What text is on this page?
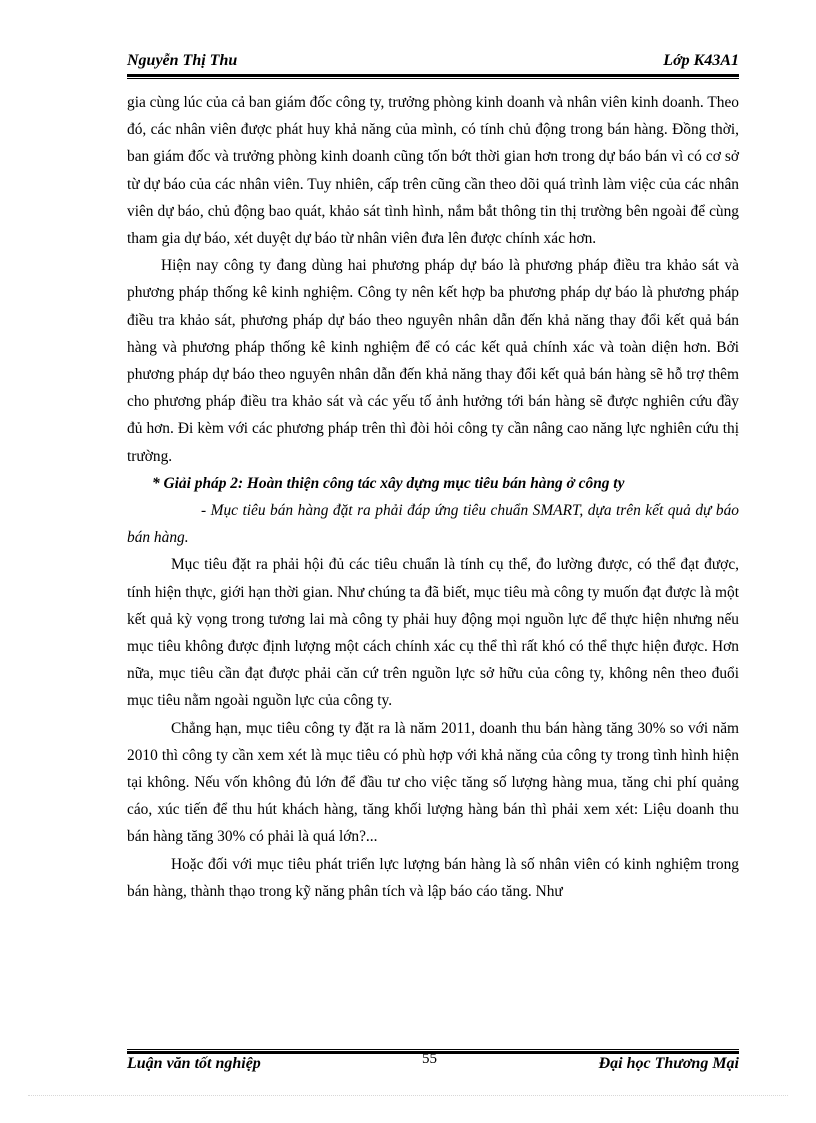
Nguyễn Thị Thu	Lớp K43A1

gia cùng lúc của cả ban giám đốc công ty, trưởng phòng kinh doanh và nhân viên kinh doanh. Theo đó, các nhân viên được phát huy khả năng của mình, có tính chủ động trong bán hàng. Đồng thời, ban giám đốc và trưởng phòng kinh doanh cũng tốn bớt thời gian hơn trong dự báo bán vì có cơ sở từ dự báo của các nhân viên. Tuy nhiên, cấp trên cũng cần theo dõi quá trình làm việc của các nhân viên dự báo, chủ động bao quát, khảo sát tình hình, nắm bắt thông tin thị trường bên ngoài để cùng tham gia dự báo, xét duyệt dự báo từ nhân viên đưa lên được chính xác hơn.

Hiện nay công ty đang dùng hai phương pháp dự báo là phương pháp điều tra khảo sát và phương pháp thống kê kinh nghiệm. Công ty nên kết hợp ba phương pháp dự báo là phương pháp điều tra khảo sát, phương pháp dự báo theo nguyên nhân dẫn đến khả năng thay đổi kết quả bán hàng và phương pháp thống kê kinh nghiệm để có các kết quả chính xác và toàn diện hơn. Bởi phương pháp dự báo theo nguyên nhân dẫn đến khả năng thay đổi kết quả bán hàng sẽ hỗ trợ thêm cho phương pháp điều tra khảo sát và các yếu tố ảnh hưởng tới bán hàng sẽ được nghiên cứu đầy đủ hơn. Đi kèm với các phương pháp trên thì đòi hỏi công ty cần nâng cao năng lực nghiên cứu thị trường.

* Giải pháp 2: Hoàn thiện công tác xây dựng mục tiêu bán hàng ở công ty

- Mục tiêu bán hàng đặt ra phải đáp ứng tiêu chuẩn SMART, dựa trên kết quả dự báo bán hàng.

Mục tiêu đặt ra phải hội đủ các tiêu chuẩn là tính cụ thể, đo lường được, có thể đạt được, tính hiện thực, giới hạn thời gian. Như chúng ta đã biết, mục tiêu mà công ty muốn đạt được là một kết quả kỳ vọng trong tương lai mà công ty phải huy động mọi nguồn lực để thực hiện nhưng nếu mục tiêu không được định lượng một cách chính xác cụ thể thì rất khó có thể thực hiện được. Hơn nữa, mục tiêu cần đạt được phải căn cứ trên nguồn lực sở hữu của công ty, không nên theo đuổi mục tiêu nằm ngoài nguồn lực của công ty.

Chẳng hạn, mục tiêu công ty đặt ra là năm 2011, doanh thu bán hàng tăng 30% so với năm 2010 thì công ty cần xem xét là mục tiêu có phù hợp với khả năng của công ty trong tình hình hiện tại không. Nếu vốn không đủ lớn để đầu tư cho việc tăng số lượng hàng mua, tăng chi phí quảng cáo, xúc tiến để thu hút khách hàng, tăng khối lượng hàng bán thì phải xem xét: Liệu doanh thu bán hàng tăng 30% có phải là quá lớn?...

Hoặc đối với mục tiêu phát triển lực lượng bán hàng là số nhân viên có kinh nghiệm trong bán hàng, thành thạo trong kỹ năng phân tích và lập báo cáo tăng. Như

Luận văn tốt nghiệp	55	Đại học Thương Mại
